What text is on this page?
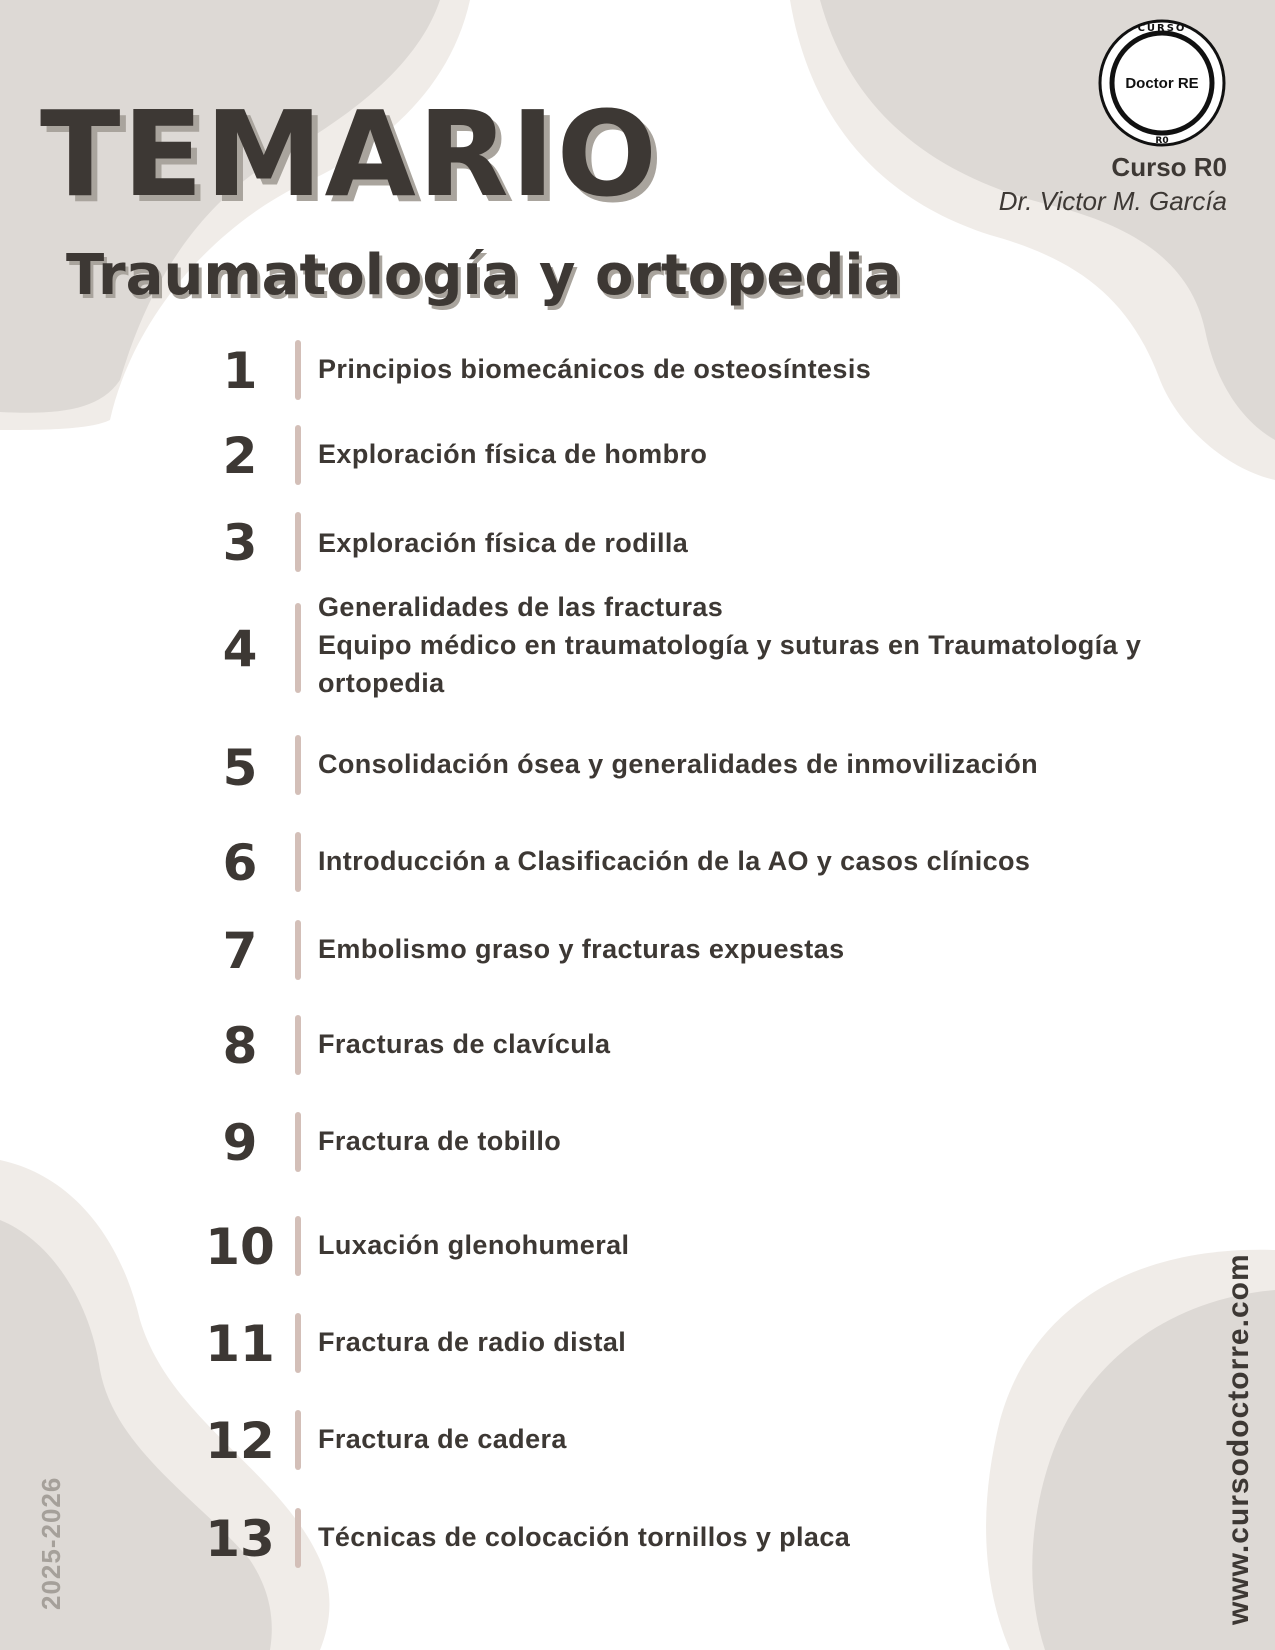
TEMARIO
Traumatología y ortopedia
CURSO
Doctor RE
R0

Curso R0

Dr. Victor M. García

1	Principios biomecánicos de osteosíntesis
2	Exploración física de hombro
3	Exploración física de rodilla
4
Generalidades de las fracturas
Equipo médico en traumatología y suturas en Traumatología y
ortopedia
5	Consolidación ósea y generalidades de inmovilización
6	Introducción a Clasificación de la AO y casos clínicos
7	Embolismo graso y fracturas expuestas
8	Fracturas de clavícula
9	Fractura de tobillo
10 Luxación glenohumeral
11 Fractura de radio distal
12 Fractura de cadera
13 Técnicas de colocación tornillos y placa
2025-2026	www.cursodoctorre.com
